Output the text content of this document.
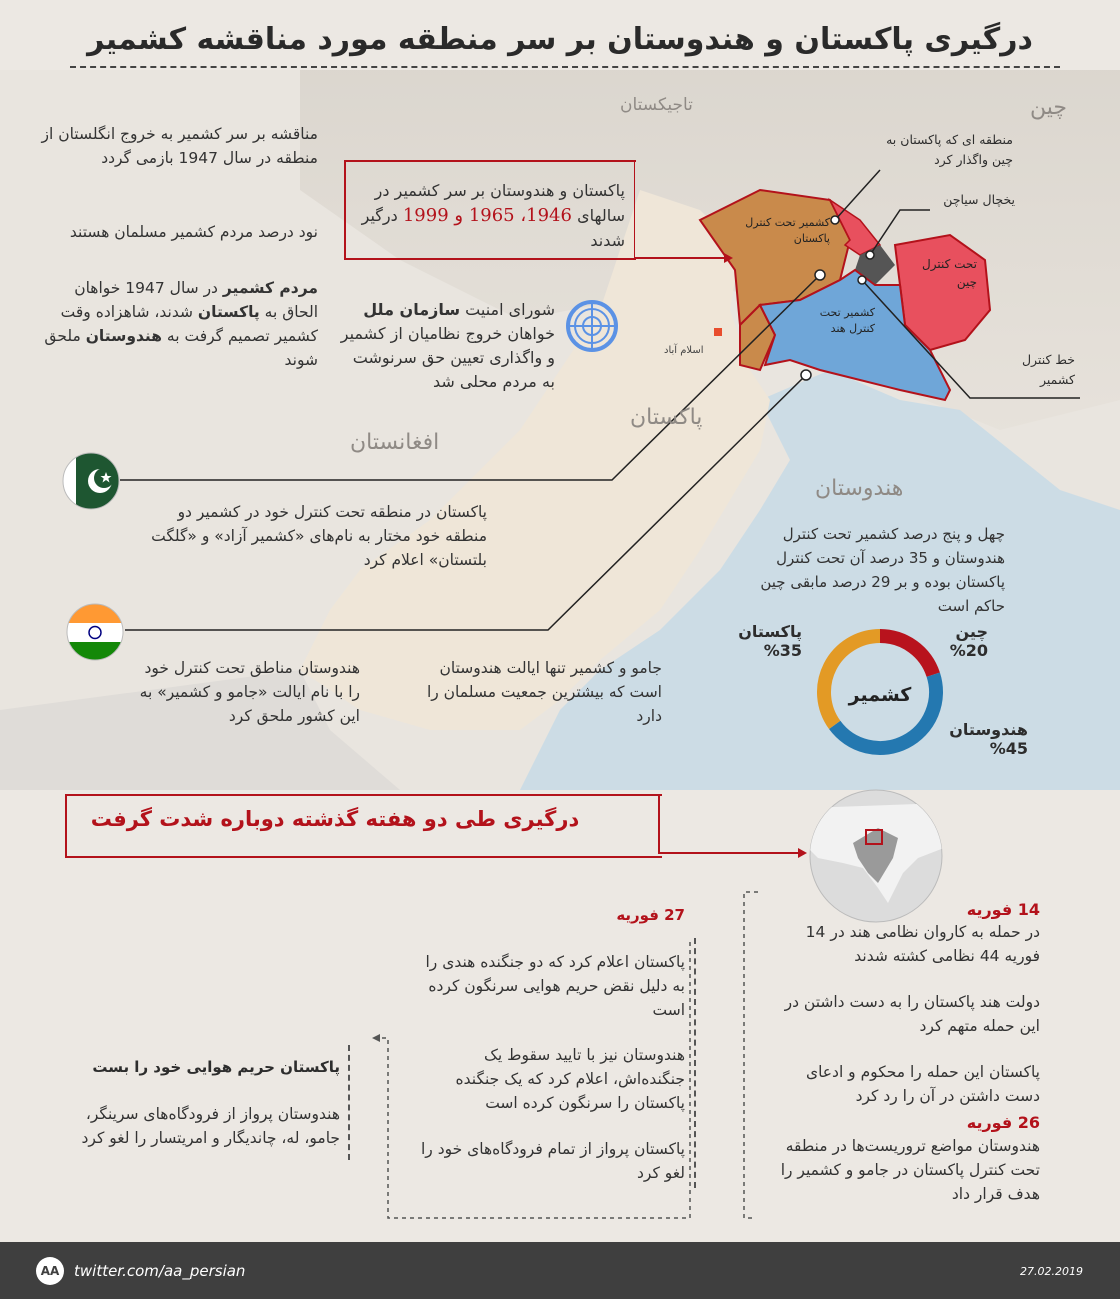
درگیری پاکستان و هندوستان بر سر منطقه مورد مناقشه کشمیر
تاجیکستان	چین
افغانستان
پاکستان
هندوستان
اسلام آباد
کشمیر تحت کنترل پاکستان
کشمیر تحت کنترل هند
تحت کنترل چین
منطقه ای که پاکستان به چین واگذار کرد
یخچال سیاچن
خط کنترل کشمیر
مناقشه بر سر کشمیر به خروج انگلستان از منطقه در سال 1947 بازمی گردد
نود درصد مردم کشمیر مسلمان هستند
مردم کشمیر در سال 1947 خواهان الحاق به پاکستان شدند، شاهزاده وقت کشمیر تصمیم گرفت به هندوستان ملحق شوند
پاکستان و هندوستان بر سر کشمیر در سالهای 1946، 1965 و 1999 درگیر شدند
شورای امنیت سازمان ملل خواهان خروج نظامیان از کشمیر و واگذاری تعیین حق سرنوشت به مردم محلی شد
پاکستان در منطقه تحت کنترل خود در کشمیر دو منطقه خود مختار به نام‌های «کشمیر آزاد» و «گلگت بلتستان» اعلام کرد
هندوستان مناطق تحت کنترل خود را با نام ایالت «جامو و کشمیر» به این کشور ملحق کرد
جامو و کشمیر تنها ایالت هندوستان است که بیشترین جمعیت مسلمان را دارد
چهل و پنج درصد کشمیر تحت کنترل هندوستان و 35 درصد آن تحت کنترل پاکستان بوده و بر 29 درصد مابقی چین حاکم است
کشمیر
پاکستان
%35
چین
%20
هندوستان
%45
درگیری طی دو هفته گذشته دوباره شدت گرفت
14 فوریه
در حمله به کاروان نظامی هند در 14 فوریه 44 نظامی کشته شدند
دولت هند پاکستان را به دست داشتن در این حمله متهم کرد
پاکستان این حمله را محکوم و ادعای دست داشتن در آن را رد کرد
26 فوریه
هندوستان مواضع تروریست‌ها در منطقه تحت کنترل پاکستان در جامو و کشمیر را هدف قرار داد
27 فوریه
پاکستان اعلام کرد که دو جنگنده هندی را به دلیل نقض حریم هوایی سرنگون کرده است
هندوستان نیز با تایید سقوط یک جنگنده‌اش، اعلام کرد که یک جنگنده پاکستان را سرنگون کرده است
پاکستان پرواز از تمام فرودگاه‌های خود را لغو کرد
پاکستان حریم هوایی خود را بست
هندوستان پرواز از فرودگاه‌های سرینگر، جامو، له، چاندیگار و امریتسار را لغو کرد
AA twitter.com/aa_persian	27.02.2019
